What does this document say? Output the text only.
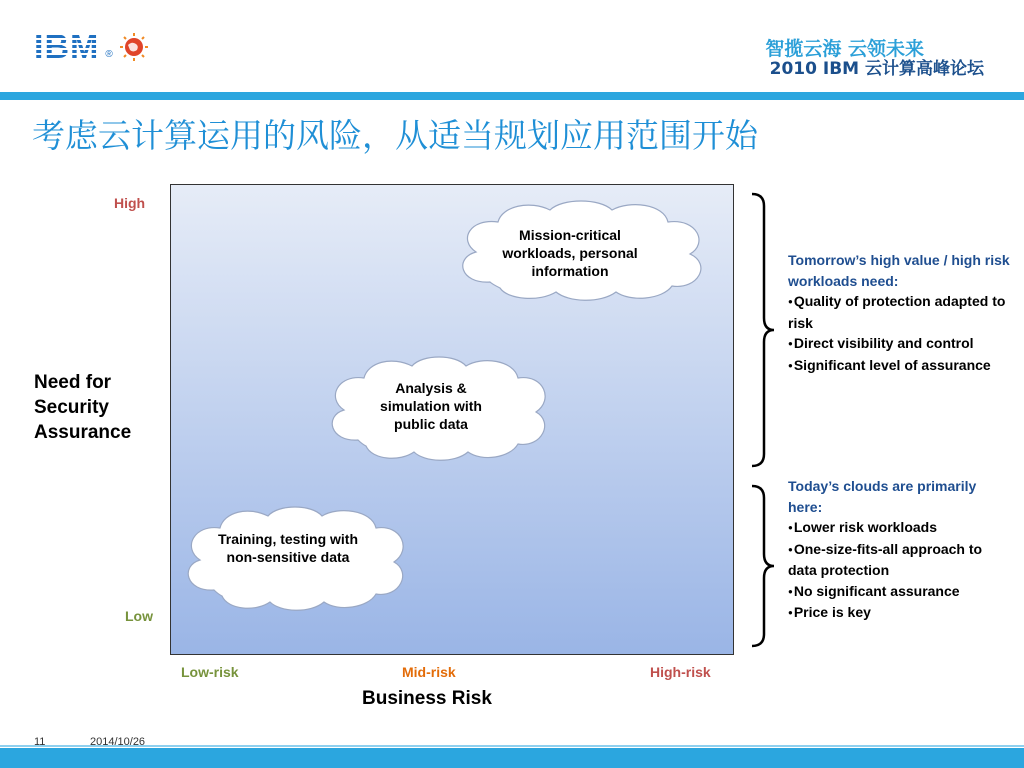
IBM ®	智揽云海 云领未来
2010 IBM 云计算高峰论坛
考虑云计算运用的风险，从适当规划应用范围开始
High
Low
Need for Security Assurance
Mission-critical workloads, personal information
Analysis & simulation with public data
Training, testing with non-sensitive data
Low-risk	Mid-risk	High-risk
Business Risk
Tomorrow’s high value / high risk workloads need:
● Quality of protection adapted to risk
● Direct visibility and control
● Significant level of assurance
Today’s clouds are primarily here:
● Lower risk workloads
● One-size-fits-all approach to data protection
● No significant assurance
● Price is key
11	2014/10/26
